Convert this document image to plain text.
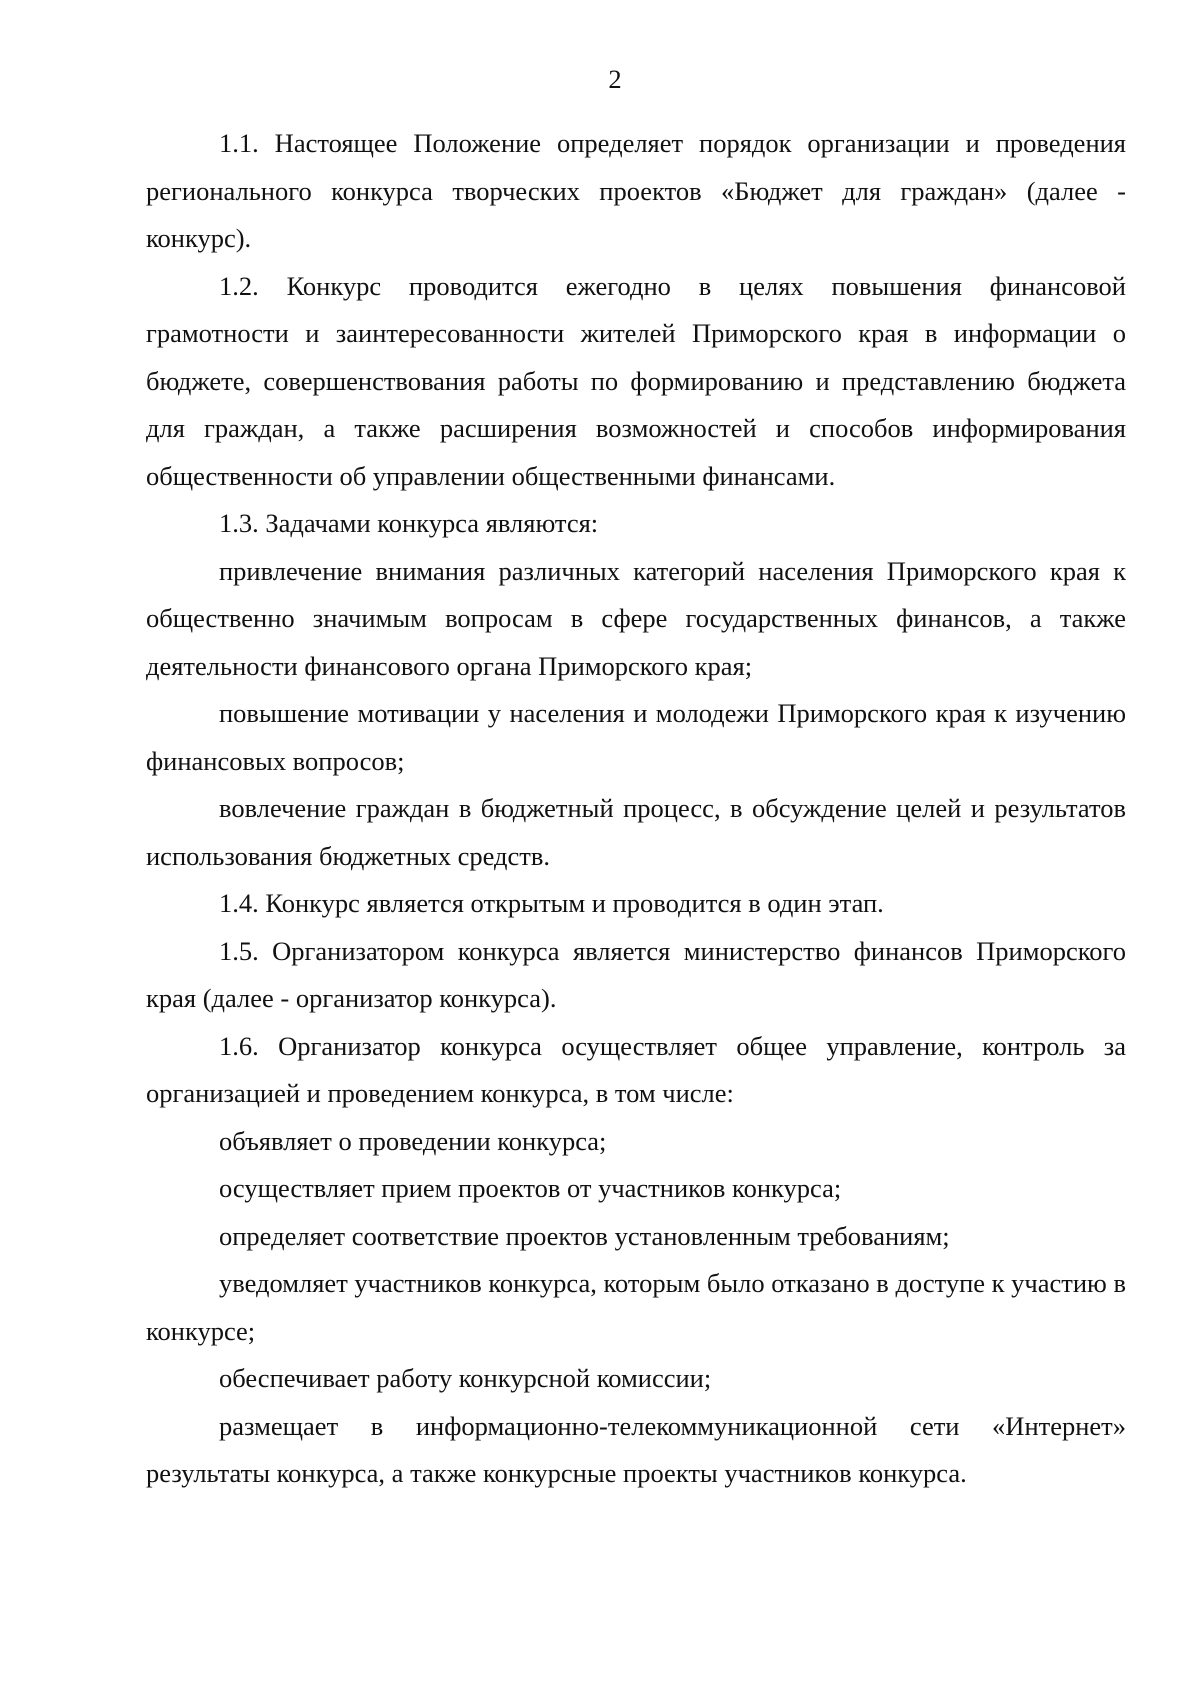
2

1.1. Настоящее Положение определяет порядок организации и проведения регионального конкурса творческих проектов «Бюджет для граждан» (далее - конкурс).

1.2. Конкурс проводится ежегодно в целях повышения финансовой грамотности и заинтересованности жителей Приморского края в информации о бюджете, совершенствования работы по формированию и представлению бюджета для граждан, а также расширения возможностей и способов информирования общественности об управлении общественными финансами.

1.3. Задачами конкурса являются:

привлечение внимания различных категорий населения Приморского края к общественно значимым вопросам в сфере государственных финансов, а также деятельности финансового органа Приморского края;

повышение мотивации у населения и молодежи Приморского края к изучению финансовых вопросов;

вовлечение граждан в бюджетный процесс, в обсуждение целей и результатов использования бюджетных средств.

1.4. Конкурс является открытым и проводится в один этап.

1.5. Организатором конкурса является министерство финансов Приморского края (далее - организатор конкурса).

1.6. Организатор конкурса осуществляет общее управление, контроль за организацией и проведением конкурса, в том числе:

объявляет о проведении конкурса;

осуществляет прием проектов от участников конкурса;

определяет соответствие проектов установленным требованиям;

уведомляет участников конкурса, которым было отказано в доступе к участию в конкурсе;

обеспечивает работу конкурсной комиссии;

размещает в информационно-телекоммуникационной сети «Интернет» результаты конкурса, а также конкурсные проекты участников конкурса.
